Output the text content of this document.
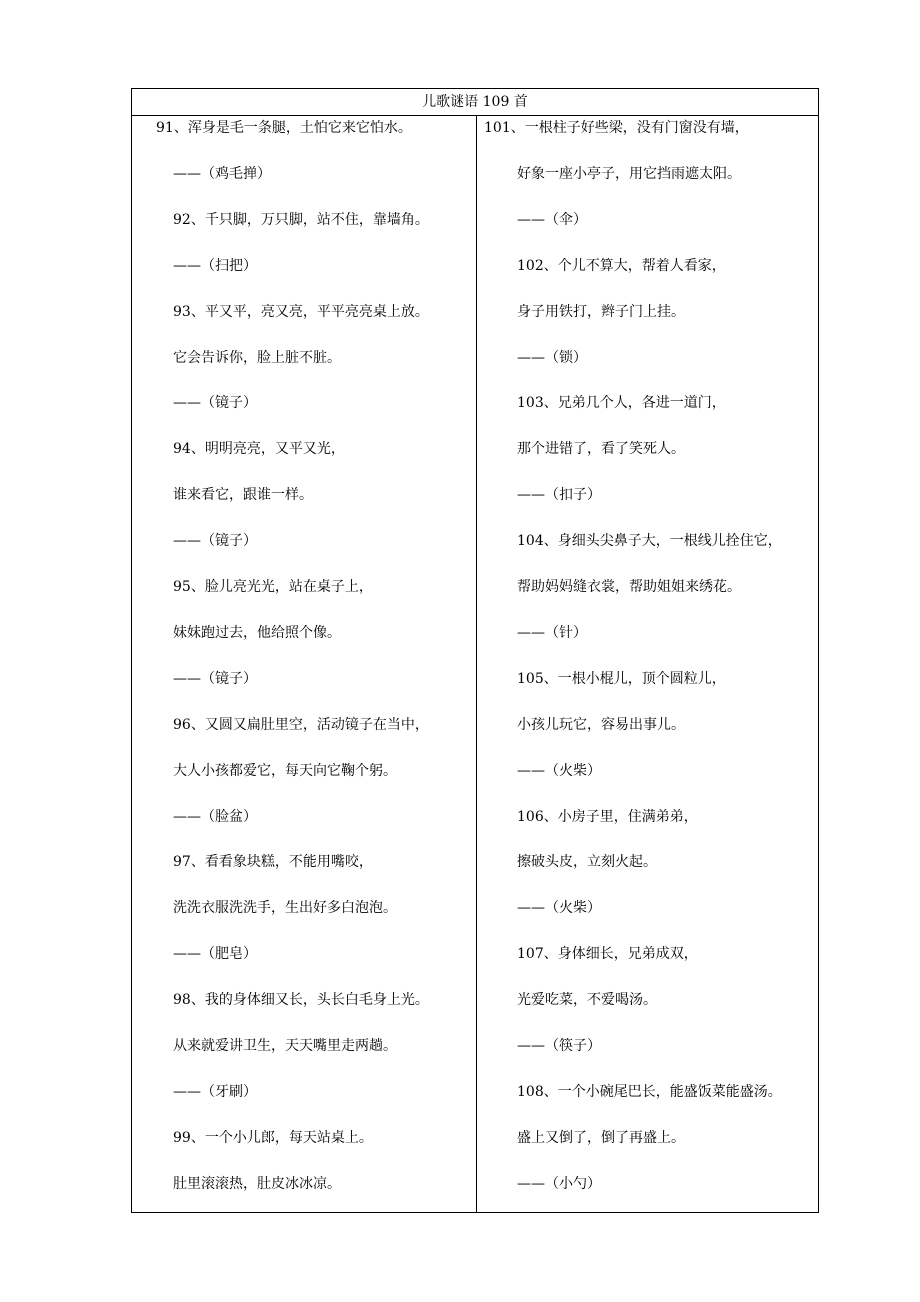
儿歌谜语 109 首
91、浑身是毛一条腿，土怕它来它怕水。
——（鸡毛掸）
92、千只脚，万只脚，站不住，靠墙角。
——（扫把）
93、平又平，亮又亮，平平亮亮桌上放。
它会告诉你，脸上脏不脏。
——（镜子）
94、明明亮亮，又平又光，
谁来看它，跟谁一样。
——（镜子）
95、脸儿亮光光，站在桌子上，
妹妹跑过去，他给照个像。
——（镜子）
96、又圆又扁肚里空，活动镜子在当中，
大人小孩都爱它，每天向它鞠个躬。
——（脸盆）
97、看看象块糕，不能用嘴咬，
洗洗衣服洗洗手，生出好多白泡泡。
——（肥皂）
98、我的身体细又长，头长白毛身上光。
从来就爱讲卫生，天天嘴里走两趟。
——（牙刷）
99、一个小儿郎，每天站桌上。
肚里滚滚热，肚皮冰冰凉。
101、一根柱子好些梁，没有门窗没有墙，
好象一座小亭子，用它挡雨遮太阳。
——（伞）
102、个儿不算大，帮着人看家，
身子用铁打，辫子门上挂。
——（锁）
103、兄弟几个人，各进一道门，
那个进错了，看了笑死人。
——（扣子）
104、身细头尖鼻子大，一根线儿拴住它，
帮助妈妈缝衣裳，帮助姐姐来绣花。
——（针）
105、一根小棍儿，顶个圆粒儿，
小孩儿玩它，容易出事儿。
——（火柴）
106、小房子里，住满弟弟，
擦破头皮，立刻火起。
——（火柴）
107、身体细长，兄弟成双，
光爱吃菜，不爱喝汤。
——（筷子）
108、一个小碗尾巴长，能盛饭菜能盛汤。
盛上又倒了，倒了再盛上。
——（小勺）
